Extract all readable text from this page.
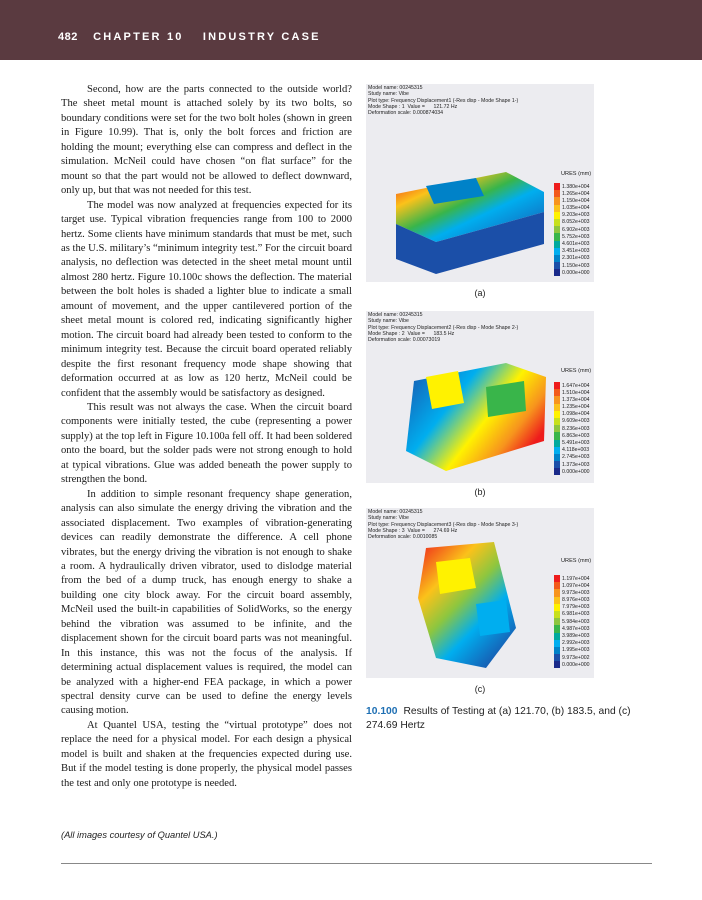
482 CHAPTER 10 INDUSTRY CASE

Second, how are the parts connected to the outside world? The sheet metal mount is attached solely by its two bolts, so boundary conditions were set for the two bolt holes (shown in green in Figure 10.99). That is, only the bolt forces and friction are holding the mount; everything else can compress and deflect in the simulation. McNeil could have chosen “on flat surface” for the mount so that the part would not be allowed to deflect downward, only up, but that was not needed for this test.

The model was now analyzed at frequencies expected for its target use. Typical vibration frequencies range from 100 to 2000 hertz. Some clients have minimum standards that must be met, such as the U.S. military’s “minimum integrity test.” For the circuit board analysis, no deflection was detected in the sheet metal mount until almost 280 hertz. Figure 10.100c shows the deflection. The material between the bolt holes is shaded a lighter blue to indicate a small amount of movement, and the upper cantilevered portion of the sheet metal mount is colored red, indicating significantly higher motion. The circuit board had already been tested to conform to the minimum integrity test. Because the circuit board operated reliably despite the first resonant frequency mode shape showing that deformation occurred at as low as 120 hertz, McNeil could be confident that the assembly would be satisfactory as designed.

This result was not always the case. When the circuit board components were initially tested, the cube (representing a power supply) at the top left in Figure 10.100a fell off. It had been soldered onto the board, but the solder pads were not strong enough to hold at typical vibrations. Glue was added beneath the power supply to strengthen the bond.

In addition to simple resonant frequency shape generation, analysis can also simulate the energy driving the vibration and the associated displacement. Two examples of vibration-generating devices can readily demonstrate the difference. A cell phone vibrates, but the energy driving the vibration is not enough to shake a room. A hydraulically driven vibrator, used to dislodge material from the bed of a dump truck, has enough energy to shake a building one city block away. For the circuit board assembly, McNeil used the built-in capabilities of SolidWorks, so the energy behind the vibration was assumed to be infinite, and the displacement shown for the circuit board parts was not meaningful. In this instance, this was not the focus of the analysis. If determining actual displacement values is required, the model can be analyzed with a higher-end FEA package, in which a power spectral density curve can be used to define the energy levels causing motion.

At Quantel USA, testing the “virtual prototype” does not replace the need for a physical model. For each design a physical model is built and shaken at the frequencies expected during use. But if the model testing is done properly, the physical model passes the test and only one prototype is needed.

Model name: 00245315
Study name: Vibe
Plot type: Frequency Displacement1 (-Res disp - Mode Shape 1-)
Mode Shape : 1  Value =      121.72 Hz
Deformation scale: 0.000874034
URES (mm)
1.380e+004
1.265e+004
1.150e+004
1.035e+004
9.203e+003
8.052e+003
6.902e+003
5.752e+003
4.601e+003
3.451e+003
2.301e+003
1.150e+003
0.000e+000
(a)
Model name: 00245315
Study name: Vibe
Plot type: Frequency Displacement2 (-Res disp - Mode Shape 2-)
Mode Shape : 2  Value =      183.5 Hz
Deformation scale: 0.00073019
URES (mm)
1.647e+004
1.510e+004
1.373e+004
1.235e+004
1.098e+004
9.609e+003
8.236e+003
6.863e+003
5.491e+003
4.118e+003
2.745e+003
1.373e+003
0.000e+000
(b)
Model name: 00245315
Study name: Vibe
Plot type: Frequency Displacement3 (-Res disp - Mode Shape 3-)
Mode Shape : 3  Value =      274.69 Hz
Deformation scale: 0.0010085
URES (mm)
1.197e+004
1.097e+004
9.973e+003
8.976e+003
7.979e+003
6.981e+003
5.984e+003
4.987e+003
3.989e+003
2.992e+003
1.995e+003
9.973e+002
0.000e+000
(c)
10.100 Results of Testing at (a) 121.70, (b) 183.5, and (c) 274.69 Hertz
(All images courtesy of Quantel USA.)
